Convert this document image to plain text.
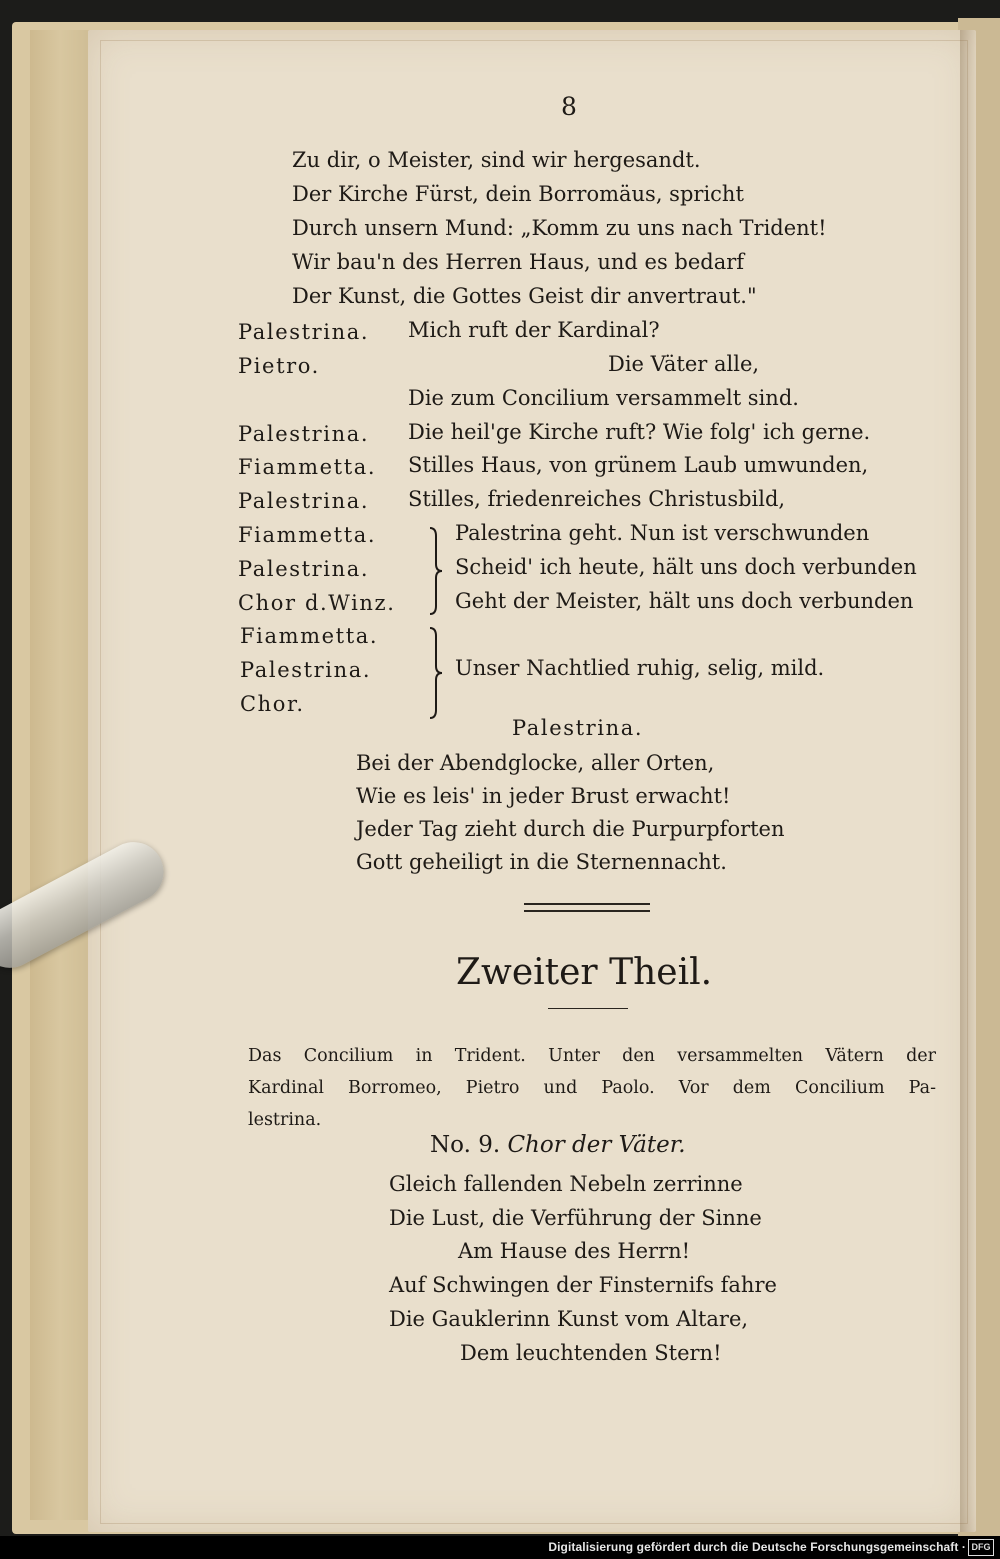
8
Zu dir, o Meister, sind wir hergesandt.
Der Kirche Fürst, dein Borromäus, spricht
Durch unsern Mund: „Komm zu uns nach Trident!
Wir bau'n des Herren Haus, und es bedarf
Der Kunst, die Gottes Geist dir anvertraut."
Palestrina. Mich ruft der Kardinal?
Pietro.	Die Väter alle,
Die zum Concilium versammelt sind.
Palestrina. Die heil'ge Kirche ruft? Wie folg' ich gerne.
Fiammetta. Stilles Haus, von grünem Laub umwunden,
Palestrina. Stilles, friedenreiches Christusbild,
Fiammetta.
Palestrina.
Chor d.Winz.
Palestrina geht. Nun ist verschwunden
Scheid' ich heute, hält uns doch verbunden
Geht der Meister, hält uns doch verbunden
Fiammetta.
Palestrina.
Chor.
Unser Nachtlied ruhig, selig, mild.
Palestrina.
Bei der Abendglocke, aller Orten,
Wie es leis' in jeder Brust erwacht!
Jeder Tag zieht durch die Purpurpforten
Gott geheiligt in die Sternennacht.
Zweiter Theil.
Das Concilium in Trident. Unter den versammelten Vätern der
Kardinal Borromeo, Pietro und Paolo. Vor dem Concilium Pa-
lestrina.
No. 9. Chor der Väter.
Gleich fallenden Nebeln zerrinne
Die Lust, die Verführung der Sinne
Am Hause des Herrn!
Auf Schwingen der Finsternifs fahre
Die Gauklerinn Kunst vom Altare,
Dem leuchtenden Stern!
Digitalisierung gefördert durch die Deutsche Forschungsgemeinschaft · DFG
